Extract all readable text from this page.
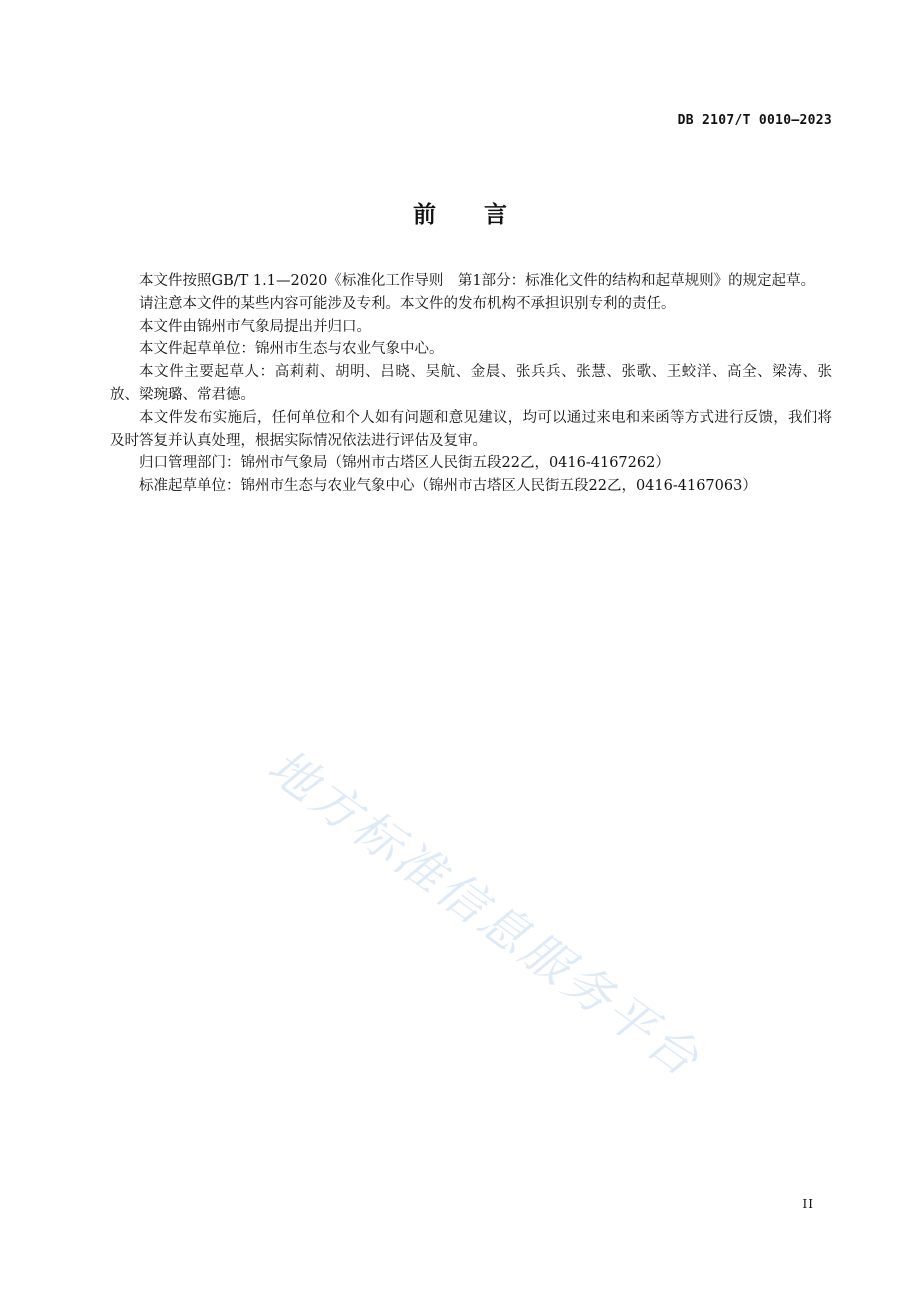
DB 2107/T 0010—2023
前言

本文件按照GB/T 1.1—2020《标准化工作导则　第1部分：标准化文件的结构和起草规则》的规定起草。

请注意本文件的某些内容可能涉及专利。本文件的发布机构不承担识别专利的责任。

本文件由锦州市气象局提出并归口。

本文件起草单位：锦州市生态与农业气象中心。

本文件主要起草人：高莉莉、胡明、吕晓、吴航、金晨、张兵兵、张慧、张歌、王蛟洋、高全、梁涛、张放、梁琬璐、常君德。

本文件发布实施后，任何单位和个人如有问题和意见建议，均可以通过来电和来函等方式进行反馈，我们将及时答复并认真处理，根据实际情况依法进行评估及复审。

归口管理部门：锦州市气象局（锦州市古塔区人民街五段22乙，0416-4167262）

标准起草单位：锦州市生态与农业气象中心（锦州市古塔区人民街五段22乙，0416-4167063）

地方标准信息服务平台
II
